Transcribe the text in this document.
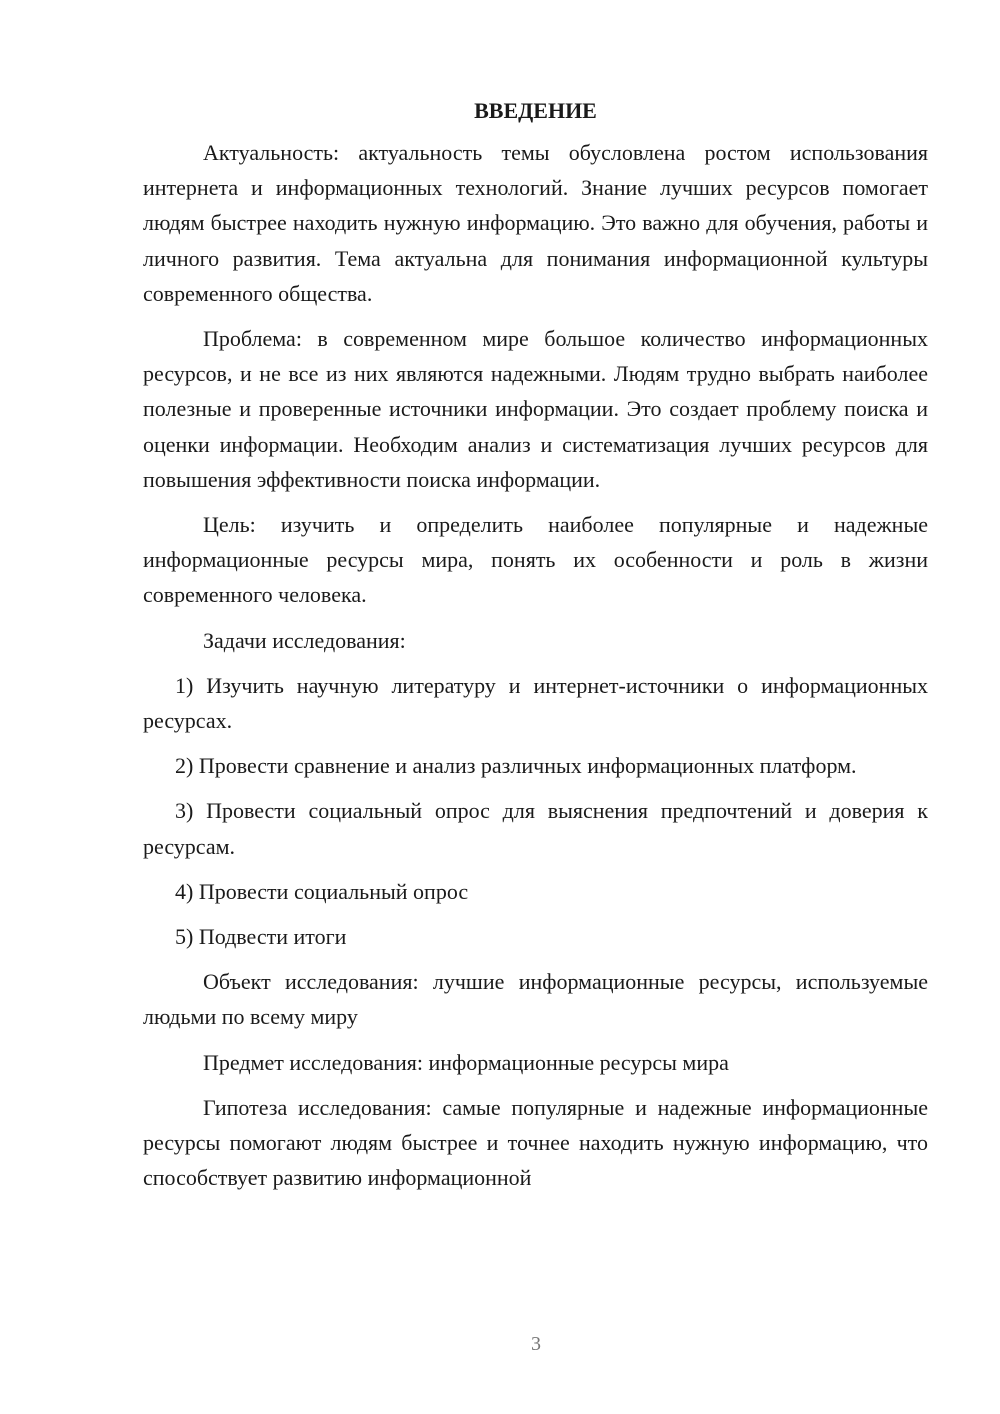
ВВЕДЕНИЕ

Актуальность: актуальность темы обусловлена ростом использования интернета и информационных технологий. Знание лучших ресурсов помогает людям быстрее находить нужную информацию. Это важно для обучения, работы и личного развития. Тема актуальна для понимания информационной культуры современного общества.

Проблема: в современном мире большое количество информационных ресурсов, и не все из них являются надежными. Людям трудно выбрать наиболее полезные и проверенные источники информации. Это создает проблему поиска и оценки информации. Необходим анализ и систематизация лучших ресурсов для повышения эффективности поиска информации.

Цель: изучить и определить наиболее популярные и надежные информационные ресурсы мира, понять их особенности и роль в жизни современного человека.

Задачи исследования:

1) Изучить научную литературу и интернет-источники о информационных ресурсах.

2) Провести сравнение и анализ различных информационных платформ.

3) Провести социальный опрос для выяснения предпочтений и доверия к ресурсам.

4) Провести социальный опрос

5) Подвести итоги

Объект исследования: лучшие информационные ресурсы, используемые людьми по всему миру

Предмет исследования: информационные ресурсы мира

Гипотеза исследования: самые популярные и надежные информационные ресурсы помогают людям быстрее и точнее находить нужную информацию, что способствует развитию информационной

3
